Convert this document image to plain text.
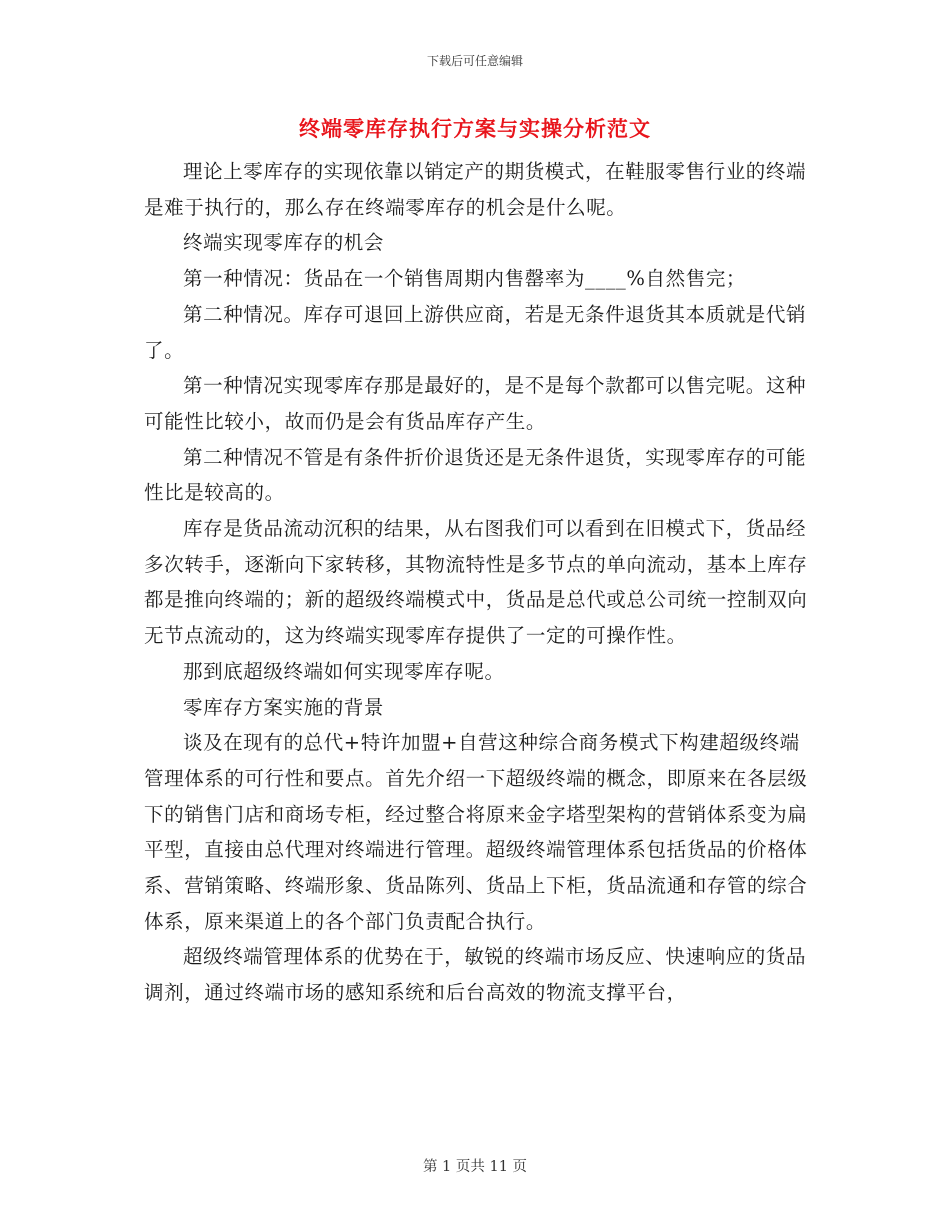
下载后可任意编辑
终端零库存执行方案与实操分析范文

理论上零库存的实现依靠以销定产的期货模式，在鞋服零售行业的终端是难于执行的，那么存在终端零库存的机会是什么呢。

终端实现零库存的机会

第一种情况：货品在一个销售周期内售罄率为____%自然售完；

第二种情况。库存可退回上游供应商，若是无条件退货其本质就是代销了。

第一种情况实现零库存那是最好的，是不是每个款都可以售完呢。这种可能性比较小，故而仍是会有货品库存产生。

第二种情况不管是有条件折价退货还是无条件退货，实现零库存的可能性比是较高的。

库存是货品流动沉积的结果，从右图我们可以看到在旧模式下，货品经多次转手，逐渐向下家转移，其物流特性是多节点的单向流动，基本上库存都是推向终端的；新的超级终端模式中，货品是总代或总公司统一控制双向无节点流动的，这为终端实现零库存提供了一定的可操作性。

那到底超级终端如何实现零库存呢。

零库存方案实施的背景

谈及在现有的总代+特许加盟+自营这种综合商务模式下构建超级终端管理体系的可行性和要点。首先介绍一下超级终端的概念，即原来在各层级下的销售门店和商场专柜，经过整合将原来金字塔型架构的营销体系变为扁平型，直接由总代理对终端进行管理。超级终端管理体系包括货品的价格体系、营销策略、终端形象、货品陈列、货品上下柜，货品流通和存管的综合体系，原来渠道上的各个部门负责配合执行。

超级终端管理体系的优势在于，敏锐的终端市场反应、快速响应的货品调剂，通过终端市场的感知系统和后台高效的物流支撑平台，

第 1 页共 11 页
